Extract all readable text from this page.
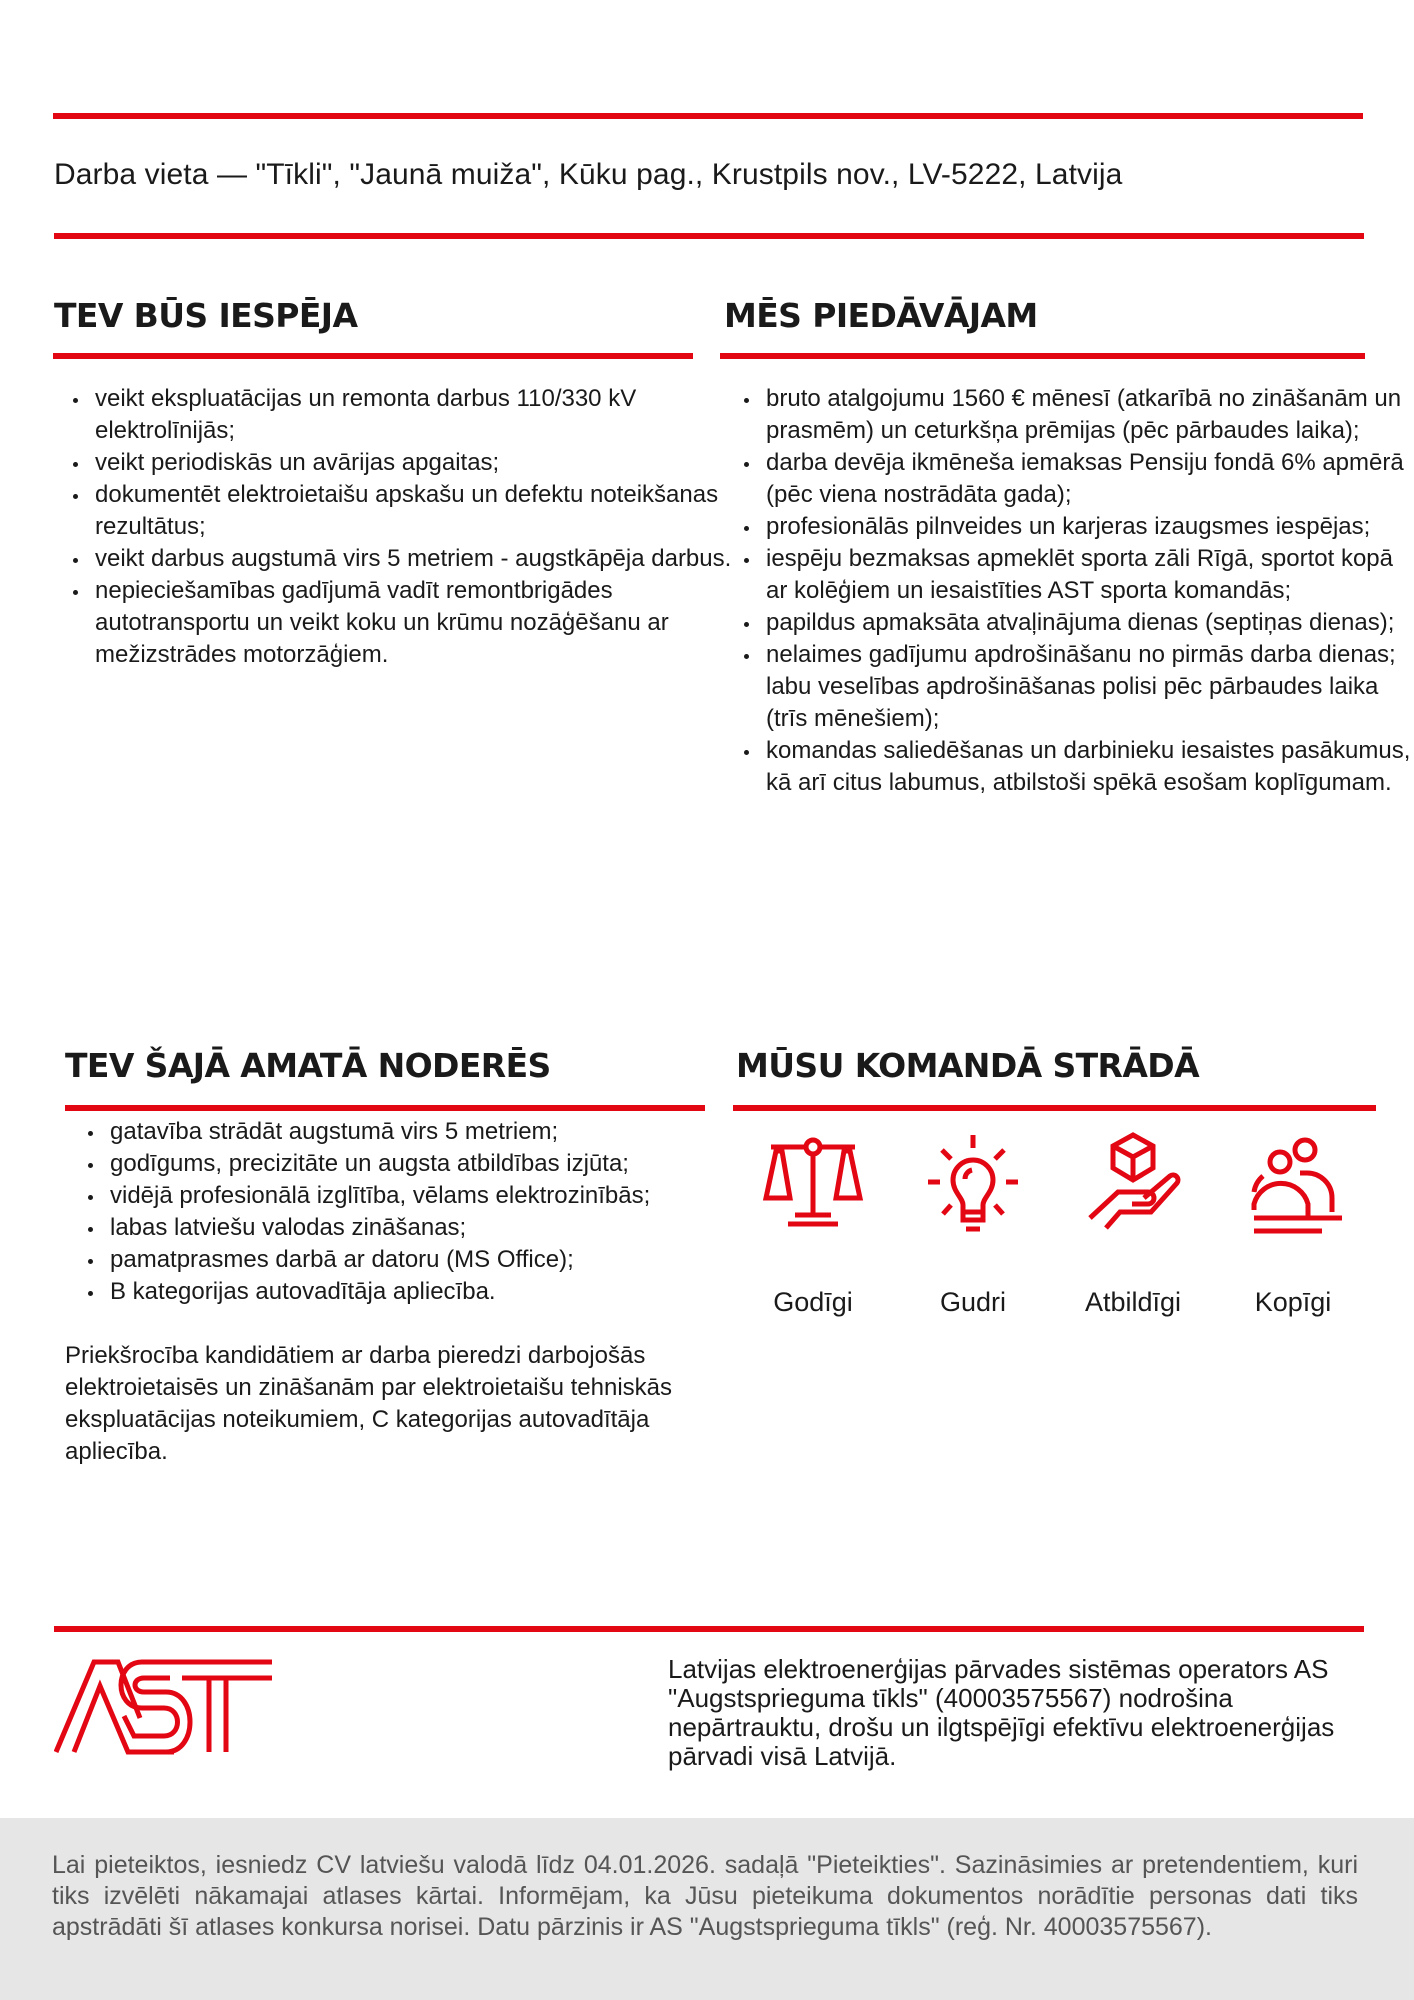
Darba vieta — "Tīkli", "Jaunā muiža", Kūku pag., Krustpils nov., LV-5222, Latvija
TEV BŪS IESPĒJA
veikt ekspluatācijas un remonta darbus 110/330 kV elektrolīnijās;
veikt periodiskās un avārijas apgaitas;
dokumentēt elektroietaišu apskašu un defektu noteikšanas rezultātus;
veikt darbus augstumā virs 5 metriem - augstkāpēja darbus.
nepieciešamības gadījumā vadīt remontbrigādes autotransportu un veikt koku un krūmu nozāģēšanu ar mežizstrādes motorzāģiem.
MĒS PIEDĀVĀJAM
bruto atalgojumu 1560 € mēnesī (atkarībā no zināšanām un prasmēm) un ceturkšņa prēmijas (pēc pārbaudes laika);
darba devēja ikmēneša iemaksas Pensiju fondā 6% apmērā (pēc viena nostrādāta gada);
profesionālās pilnveides un karjeras izaugsmes iespējas;
iespēju bezmaksas apmeklēt sporta zāli Rīgā, sportot kopā ar kolēģiem un iesaistīties AST sporta komandās;
papildus apmaksāta atvaļinājuma dienas (septiņas dienas);
nelaimes gadījumu apdrošināšanu no pirmās darba dienas; labu veselības apdrošināšanas polisi pēc pārbaudes laika (trīs mēnešiem);
komandas saliedēšanas un darbinieku iesaistes pasākumus, kā arī citus labumus, atbilstoši spēkā esošam koplīgumam.
TEV ŠAJĀ AMATĀ NODERĒS
gatavība strādāt augstumā virs 5 metriem;
godīgums, precizitāte un augsta atbildības izjūta;
vidējā profesionālā izglītība, vēlams elektrozinībās;
labas latviešu valodas zināšanas;
pamatprasmes darbā ar datoru (MS Office);
B kategorijas autovadītāja apliecība.

Priekšrocība kandidātiem ar darba pieredzi darbojošās elektroietaisēs un zināšanām par elektroietaišu tehniskās ekspluatācijas noteikumiem, C kategorijas autovadītāja apliecība.

MŪSU KOMANDĀ STRĀDĀ
Godīgi	Gudri	Atbildīgi	Kopīgi

Latvijas elektroenerģijas pārvades sistēmas operators AS "Augstsprieguma tīkls" (40003575567) nodrošina nepārtrauktu, drošu un ilgtspējīgi efektīvu elektroenerģijas pārvadi visā Latvijā.

Lai pieteiktos, iesniedz CV latviešu valodā līdz 04.01.2026. sadaļā "Pieteikties". Sazināsimies ar pretendentiem, kuri tiks izvēlēti nākamajai atlases kārtai. Informējam, ka Jūsu pieteikuma dokumentos norādītie personas dati tiks apstrādāti šī atlases konkursa norisei. Datu pārzinis ir AS "Augstsprieguma tīkls" (reģ. Nr. 40003575567).
